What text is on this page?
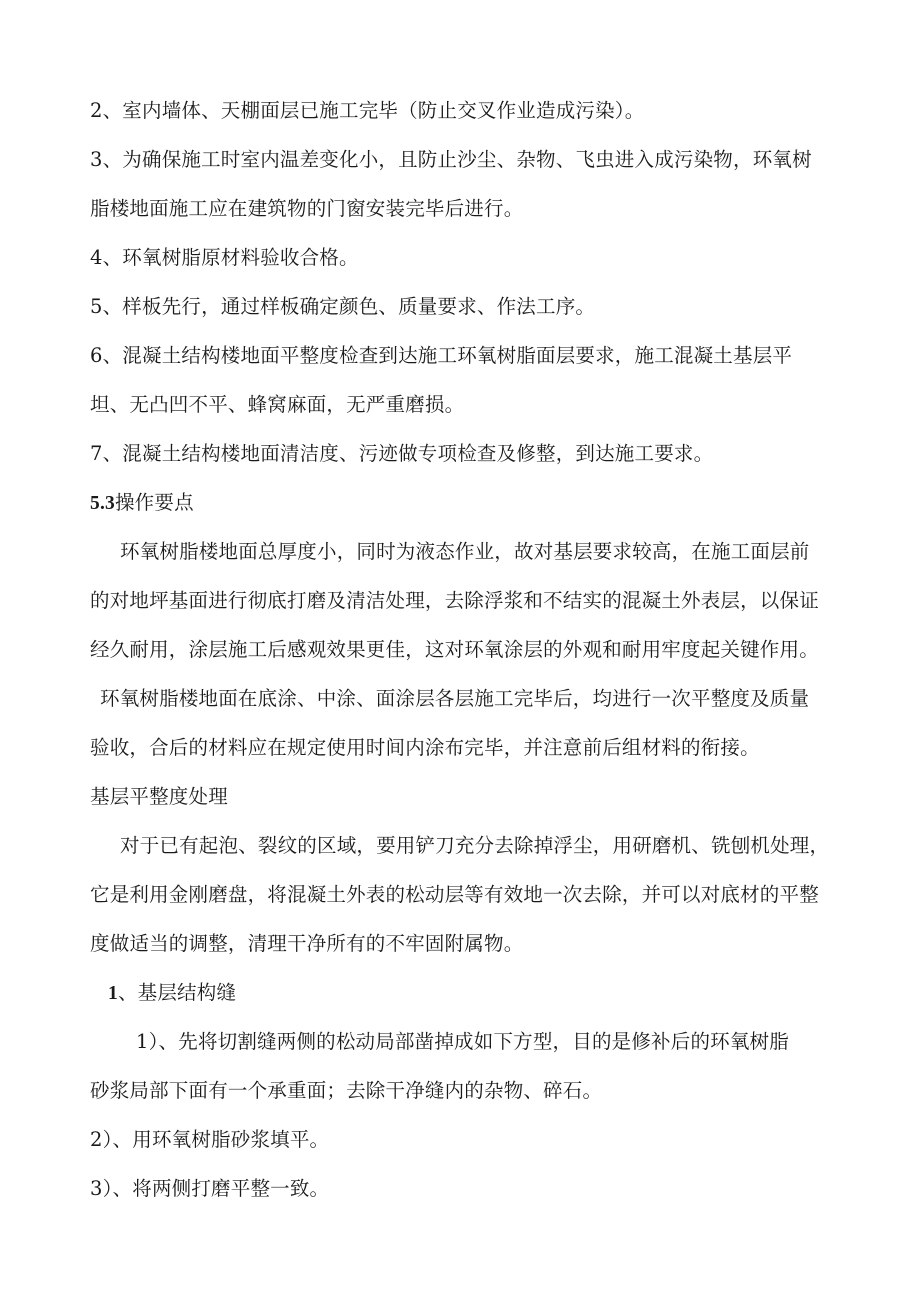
2、室内墙体、天棚面层已施工完毕（防止交叉作业造成污染）。
3、为确保施工时室内温差变化小，且防止沙尘、杂物、飞虫进入成污染物，环氧树
脂楼地面施工应在建筑物的门窗安装完毕后进行。
4、环氧树脂原材料验收合格。
5、样板先行，通过样板确定颜色、质量要求、作法工序。
6、混凝土结构楼地面平整度检查到达施工环氧树脂面层要求，施工混凝土基层平
坦、无凸凹不平、蜂窝麻面，无严重磨损。
7、混凝土结构楼地面清洁度、污迹做专项检查及修整，到达施工要求。
5.3操作要点
环氧树脂楼地面总厚度小，同时为液态作业，故对基层要求较高，在施工面层前
的对地坪基面进行彻底打磨及清洁处理，去除浮浆和不结实的混凝土外表层，以保证
经久耐用，涂层施工后感观效果更佳，这对环氧涂层的外观和耐用牢度起关键作用。
环氧树脂楼地面在底涂、中涂、面涂层各层施工完毕后，均进行一次平整度及质量
验收，合后的材料应在规定使用时间内涂布完毕，并注意前后组材料的衔接。
基层平整度处理
对于已有起泡、裂纹的区域，要用铲刀充分去除掉浮尘，用研磨机、铣刨机处理，
它是利用金刚磨盘，将混凝土外表的松动层等有效地一次去除，并可以对底材的平整
度做适当的调整，清理干净所有的不牢固附属物。
1、基层结构缝
1）、先将切割缝两侧的松动局部凿掉成如下方型，目的是修补后的环氧树脂
砂浆局部下面有一个承重面；去除干净缝内的杂物、碎石。
2）、用环氧树脂砂浆填平。
3）、将两侧打磨平整一致。
